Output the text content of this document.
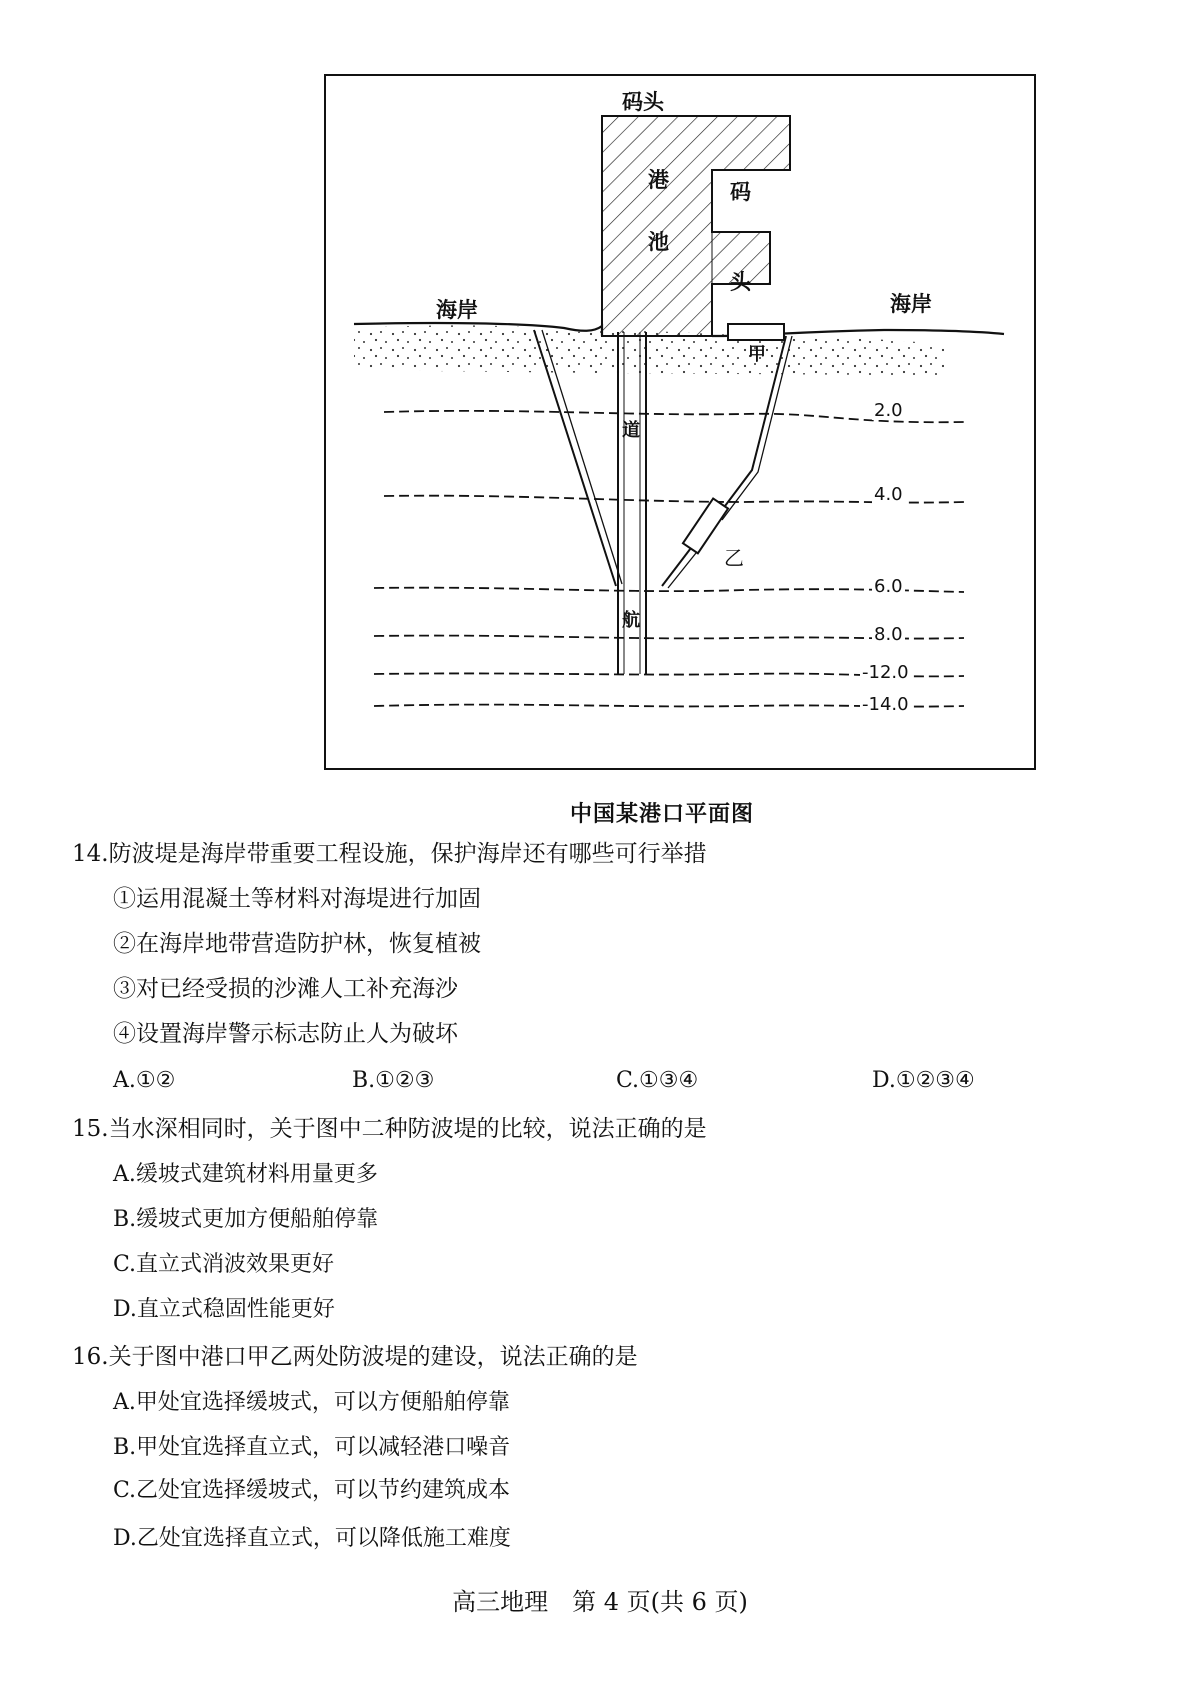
码头
港
池
码
头
海岸	海岸
甲
乙
航
道
2.0
4.0
6.0
8.0
-12.0
-14.0
中国某港口平面图
14.防波堤是海岸带重要工程设施，保护海岸还有哪些可行举措
①运用混凝土等材料对海堤进行加固
②在海岸地带营造防护林，恢复植被
③对已经受损的沙滩人工补充海沙
④设置海岸警示标志防止人为破坏
A.①②	B.①②③	C.①③④	D.①②③④
15.当水深相同时，关于图中二种防波堤的比较，说法正确的是
A.缓坡式建筑材料用量更多
B.缓坡式更加方便船舶停靠
C.直立式消波效果更好
D.直立式稳固性能更好
16.关于图中港口甲乙两处防波堤的建设，说法正确的是
A.甲处宜选择缓坡式，可以方便船舶停靠
B.甲处宜选择直立式，可以减轻港口噪音
C.乙处宜选择缓坡式，可以节约建筑成本
D.乙处宜选择直立式，可以降低施工难度
高三地理　第 4 页(共 6 页)
